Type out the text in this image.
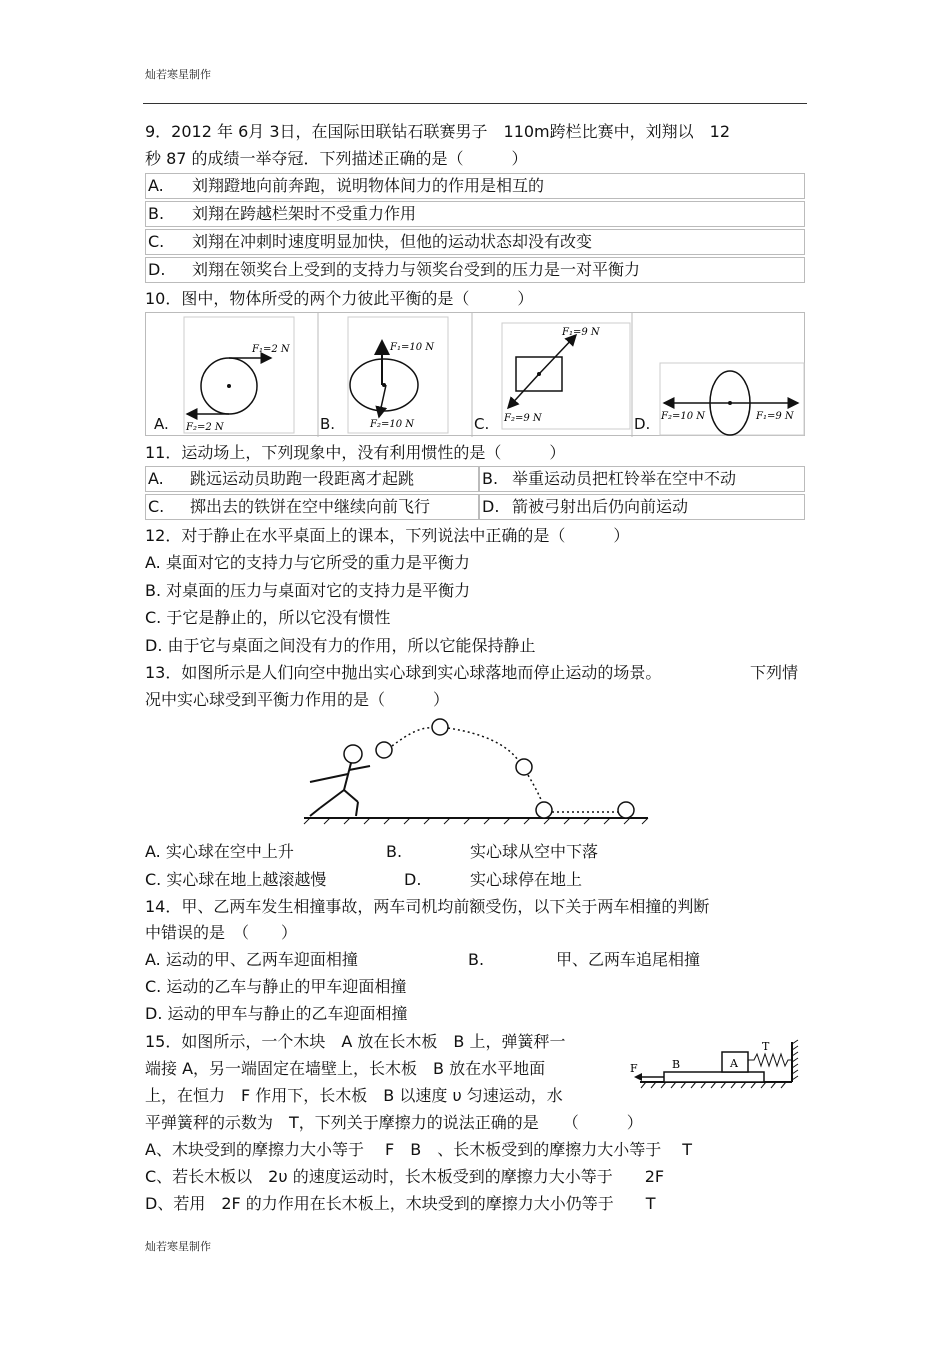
灿若寒星制作
9．2012 年 6月 3日，在国际田联钻石联赛男子　110m跨栏比赛中，刘翔以　12
秒 87 的成绩一举夺冠．下列描述正确的是（　　　）
A. 刘翔蹬地向前奔跑，说明物体间力的作用是相互的
B. 刘翔在跨越栏架时不受重力作用
C. 刘翔在冲刺时速度明显加快，但他的运动状态却没有改变
D. 刘翔在领奖台上受到的支持力与领奖台受到的压力是一对平衡力
10．图中，物体所受的两个力彼此平衡的是（　　　）
F₁=2 N
F₂=2 N
F₁=10 N
F₂=10 N
F₁=9 N
F₂=9 N	F₂=10 N	F₁=9 N
A.	B.	C.	D.
11．运动场上，下列现象中，没有利用惯性的是（　　　）
A. 跳远运动员助跑一段距离才起跳	B. 举重运动员把杠铃举在空中不动
C. 掷出去的铁饼在空中继续向前飞行	D. 箭被弓射出后仍向前运动
12．对于静止在水平桌面上的课本，下列说法中正确的是（　　　）
A. 桌面对它的支持力与它所受的重力是平衡力
B. 对桌面的压力与桌面对它的支持力是平衡力
C. 于它是静止的，所以它没有惯性
D. 由于它与桌面之间没有力的作用，所以它能保持静止
13．如图所示是人们向空中抛出实心球到实心球落地而停止运动的场景。	下列情
况中实心球受到平衡力作用的是（　　　）
A. 实心球在空中上升	B.	实心球从空中下落
C. 实心球在地上越滚越慢	D.	实心球停在地上
14．甲、乙两车发生相撞事故，两车司机均前额受伤，以下关于两车相撞的判断
中错误的是　（　　）
A. 运动的甲、乙两车迎面相撞	B.	甲、乙两车追尾相撞
C. 运动的乙车与静止的甲车迎面相撞
D. 运动的甲车与静止的乙车迎面相撞
15．如图所示，一个木块　A 放在长木板　B 上，弹簧秤一
端接 A，另一端固定在墙壁上，长木板　B 放在水平地面
上，在恒力　F 作用下，长木板　B 以速度 υ 匀速运动，水
平弹簧秤的示数为　T，下列关于摩擦力的说法正确的是　　（　　　）
F	B	A
T
A、木块受到的摩擦力大小等于　 F　B　、长木板受到的摩擦力大小等于　 T
C、若长木板以　2υ 的速度运动时，长木板受到的摩擦力大小等于　　2F
D、若用　2F 的力作用在长木板上，木块受到的摩擦力大小仍等于　　T
灿若寒星制作
